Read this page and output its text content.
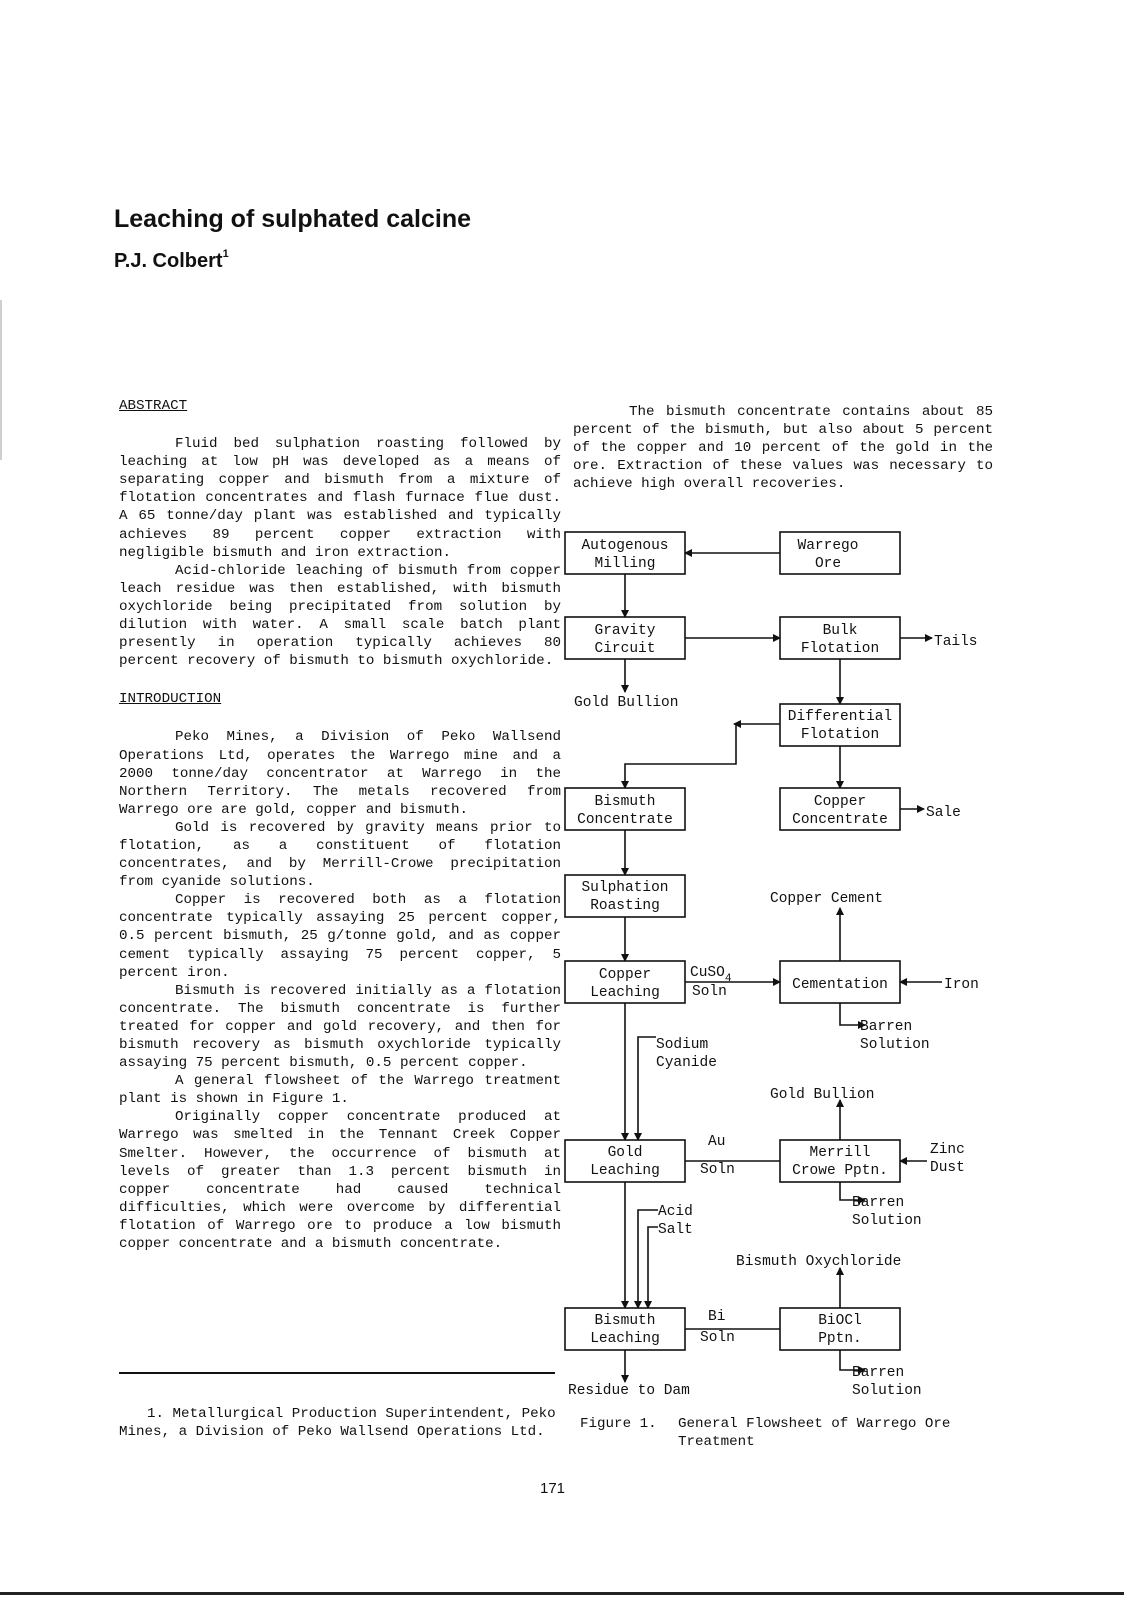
Leaching of sulphated calcine
P.J. Colbert$^1$

ABSTRACT

Fluid bed sulphation roasting followed by leaching at low pH was developed as a means of separating copper and bismuth from a mixture of flotation concentrates and flash furnace flue dust. A 65 tonne/day plant was established and typically achieves 89 percent copper extraction with negligible bismuth and iron extraction.

Acid-chloride leaching of bismuth from copper leach residue was then established, with bismuth oxychloride being precipitated from solution by dilution with water. A small scale batch plant presently in operation typically achieves 80 percent recovery of bismuth to bismuth oxychloride.

INTRODUCTION

Peko Mines, a Division of Peko Wallsend Operations Ltd, operates the Warrego mine and a 2000 tonne/day concentrator at Warrego in the Northern Territory. The metals recovered from Warrego ore are gold, copper and bismuth.

Gold is recovered by gravity means prior to flotation, as a constituent of flotation concentrates, and by Merrill-Crowe precipitation from cyanide solutions.

Copper is recovered both as a flotation concentrate typically assaying 25 percent copper, 0.5 percent bismuth, 25 g/tonne gold, and as copper cement typically assaying 75 percent copper, 5 percent iron.

Bismuth is recovered initially as a flotation concentrate. The bismuth concentrate is further treated for copper and gold recovery, and then for bismuth recovery as bismuth oxychloride typically assaying 75 percent bismuth, 0.5 percent copper.

A general flowsheet of the Warrego treatment plant is shown in Figure 1.

Originally copper concentrate produced at Warrego was smelted in the Tennant Creek Copper Smelter. However, the occurrence of bismuth at levels of greater than 1.3 percent bismuth in copper concentrate had caused technical difficulties, which were overcome by differential flotation of Warrego ore to produce a low bismuth copper concentrate and a bismuth concentrate.

The bismuth concentrate contains about 85 percent of the bismuth, but also about 5 percent of the copper and 10 percent of the gold in the ore. Extraction of these values was necessary to achieve high overall recoveries.

Autogenous
Milling
Warrego
Ore
Gravity
Circuit
Bulk
Flotation
Differential
Flotation
Bismuth
Concentrate
Copper
Concentrate
Sulphation
Roasting
Copper
Leaching	Cementation
Gold
Leaching
Merrill
Crowe Pptn.
Bismuth
Leaching
BiOCl
Pptn.
Tails
Gold Bullion
Sale
Copper Cement
CuSO$_4$
Soln	Iron
Barren
Solution
Sodium
Cyanide
Gold Bullion
Au
Soln
Zinc
Dust
Barren
Solution
Acid
Salt
Bismuth Oxychloride
Bi
Soln
Barren
Solution
Residue to Dam
Figure 1. General Flowsheet of Warrego Ore Treatment
1. Metallurgical Production Superintendent, Peko Mines, a Division of Peko Wallsend Operations Ltd.
171
